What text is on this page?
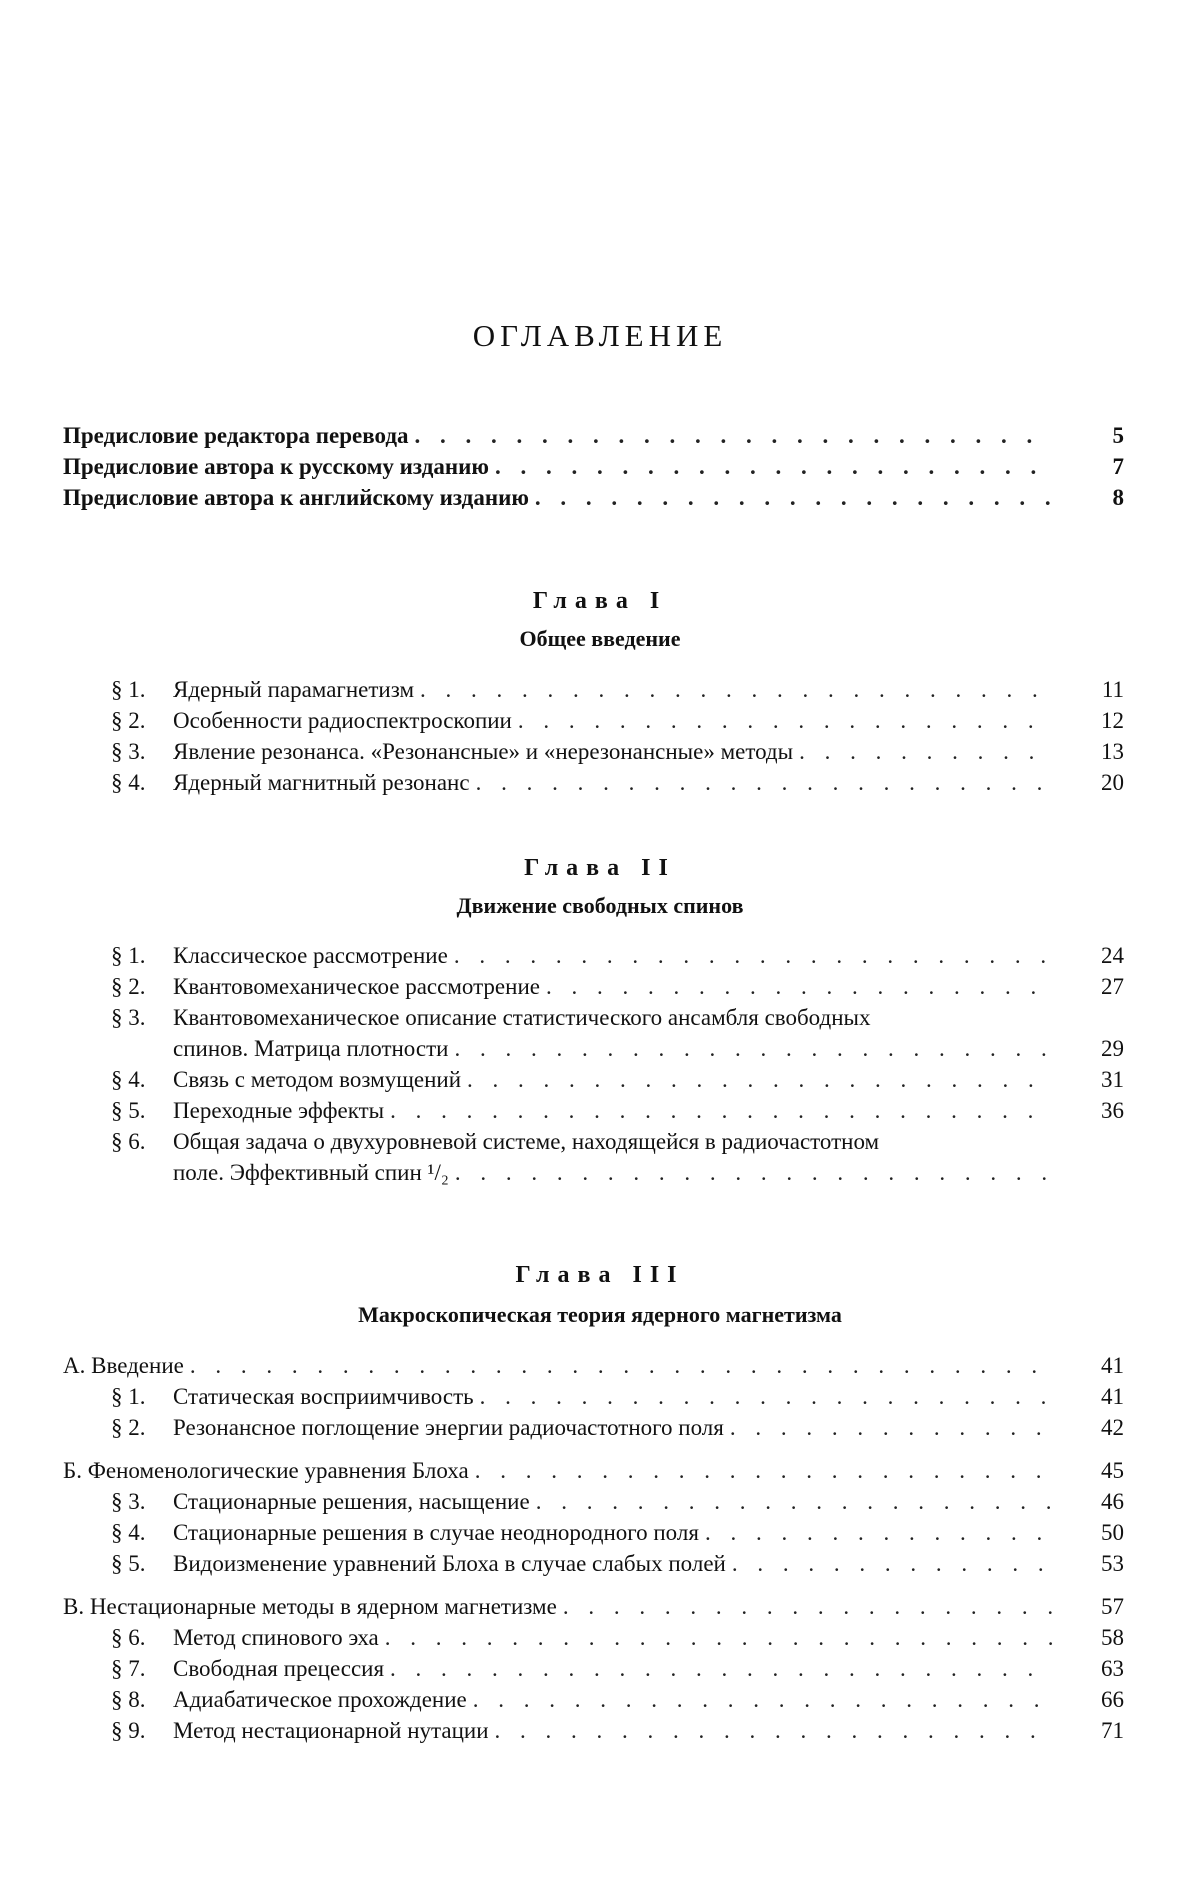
ОГЛАВЛЕНИЕ
Предисловие редактора перевода . . .	5
Предисловие автора к русскому изданию . . .	7
Предисловие автора к английскому изданию . . .	8
Глава I
Общее введение
§ 1. Ядерный парамагнетизм . . .	11
§ 2. Особенности радиоспектроскопии . . .	12
§ 3. Явление резонанса. «Резонансные» и «нерезонансные» методы . . .	13
§ 4. Ядерный магнитный резонанс . . .	20
Глава II
Движение свободных спинов
§ 1. Классическое рассмотрение . . .	24
§ 2. Квантовомеханическое рассмотрение . . .	27
§ 3. Квантовомеханическое описание статистического ансамбля свободных
спинов. Матрица плотности . . .	29
§ 4. Связь с методом возмущений . . .	31
§ 5. Переходные эффекты . . .	36
§ 6. Общая задача о двухуровневой системе, находящейся в радиочастотном
поле. Эффективный спин ¹/₂
. . .
Глава III
Макроскопическая теория ядерного магнетизма
А. Введение . . .	41
§ 1. Статическая восприимчивость . . .	41
§ 2. Резонансное поглощение энергии радиочастотного поля . . .	42
Б. Феноменологические уравнения Блоха . . .	45
§ 3. Стационарные решения, насыщение . . .	46
§ 4. Стационарные решения в случае неоднородного поля . . .	50
§ 5. Видоизменение уравнений Блоха в случае слабых полей . . .	53
В. Нестационарные методы в ядерном магнетизме . . .	57
§ 6. Метод спинового эха . . .	58
§ 7. Свободная прецессия . . .	63
§ 8. Адиабатическое прохождение . . .	66
§ 9. Метод нестационарной нутации . . .	71
